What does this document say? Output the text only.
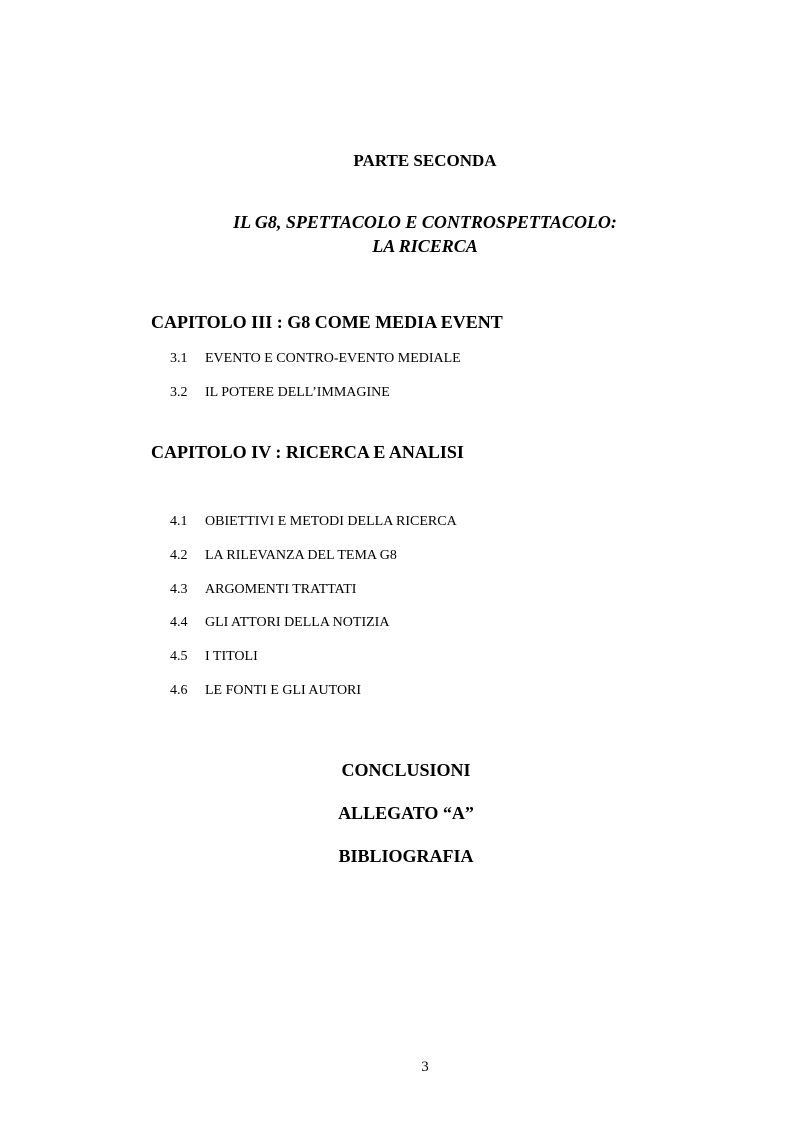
PARTE SECONDA
IL G8, SPETTACOLO E CONTROSPETTACOLO:
LA RICERCA
CAPITOLO III : G8 COME MEDIA EVENT
3.1 EVENTO E CONTRO-EVENTO MEDIALE
3.2 IL POTERE DELL’IMMAGINE
CAPITOLO IV : RICERCA E ANALISI
4.1 OBIETTIVI E METODI DELLA RICERCA
4.2 LA RILEVANZA DEL TEMA G8
4.3 ARGOMENTI TRATTATI
4.4 GLI ATTORI DELLA NOTIZIA
4.5 I TITOLI
4.6 LE FONTI E GLI AUTORI
CONCLUSIONI
ALLEGATO “A”
BIBLIOGRAFIA
3
